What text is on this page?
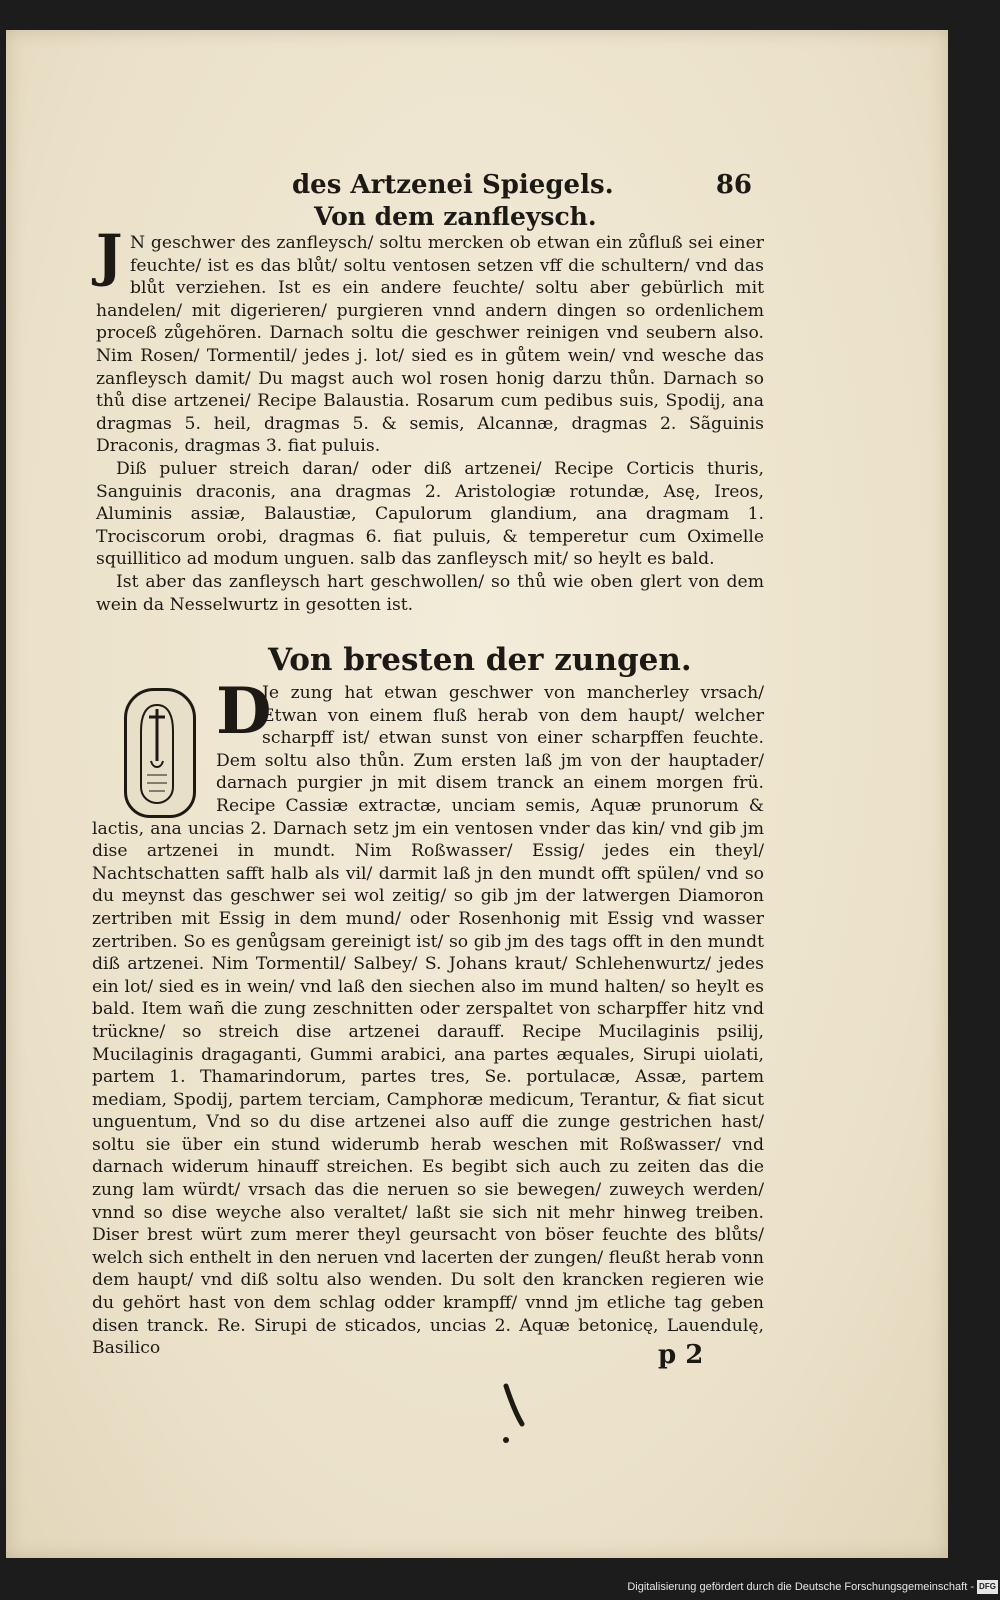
des Artzenei Spiegels.	86
Von dem zanfleysch.

J N geschwer des zanfleysch/ soltu mercken ob etwan ein zůfluß sei einer feuchte/ ist es das blůt/ soltu ventosen setzen vff die schultern/ vnd das blůt verziehen. Ist es ein andere feuchte/ soltu aber gebürlich mit handelen/ mit digerieren/ purgieren vnnd andern dingen so ordenlichem proceß zůgehören. Darnach soltu die geschwer reinigen vnd seubern also. Nim Rosen/ Tormentil/ jedes j. lot/ sied es in gůtem wein/ vnd wesche das zanfleysch damit/ Du magst auch wol rosen honig darzu thůn. Darnach so thů dise artzenei/ Recipe Balaustia. Rosarum cum pedibus suis, Spodij, ana dragmas 5. heil, dragmas 5. & semis, Alcannæ, dragmas 2. Sãguinis Draconis, dragmas 3. fiat puluis.

Diß puluer streich daran/ oder diß artzenei/ Recipe Corticis thuris, Sanguinis draconis, ana dragmas 2. Aristologiæ rotundæ, Asę, Ireos, Aluminis assiæ, Balaustiæ, Capulorum glandium, ana dragmam 1. Trociscorum orobi, dragmas 6. fiat puluis, & temperetur cum Oximelle squillitico ad modum unguen. salb das zanfleysch mit/ so heylt es bald.

Ist aber das zanfleysch hart geschwollen/ so thů wie oben glert von dem wein da Nesselwurtz in gesotten ist.

Von bresten der zungen.

D
Je zung hat etwan geschwer von mancherley vrsach/ Etwan von einem fluß herab von dem haupt/ welcher scharpff ist/ etwan sunst von einer scharpffen feuchte. Dem soltu also thůn. Zum ersten laß jm von der hauptader/ darnach purgier jn mit disem tranck an einem morgen frü. Recipe Cassiæ extractæ, unciam semis, Aquæ prunorum & lactis, ana uncias 2. Darnach setz jm ein ventosen vnder das kin/ vnd gib jm dise artzenei in mundt. Nim Roßwasser/ Essig/ jedes ein theyl/ Nachtschatten safft halb als vil/ darmit laß jn den mundt offt spülen/ vnd so du meynst das geschwer sei wol zeitig/ so gib jm der latwergen Diamoron zertriben mit Essig in dem mund/ oder Rosenhonig mit Essig vnd wasser zertriben. So es genůgsam gereinigt ist/ so gib jm des tags offt in den mundt diß artzenei. Nim Tormentil/ Salbey/ S. Johans kraut/ Schlehenwurtz/ jedes ein lot/ sied es in wein/ vnd laß den siechen also im mund halten/ so heylt es bald. Item wañ die zung zeschnitten oder zerspaltet von scharpffer hitz vnd trückne/ so streich dise artzenei darauff. Recipe Mucilaginis psilij, Mucilaginis dragaganti, Gummi arabici, ana partes æquales, Sirupi uiolati, partem 1. Thamarindorum, partes tres, Se. portulacæ, Assæ, partem mediam, Spodij, partem terciam, Camphoræ medicum, Terantur, & fiat sicut unguentum, Vnd so du dise artzenei also auff die zunge gestrichen hast/ soltu sie über ein stund widerumb herab weschen mit Roßwasser/ vnd darnach widerum hinauff streichen. Es begibt sich auch zu zeiten das die zung lam würdt/ vrsach das die neruen so sie bewegen/ zuweych werden/ vnnd so dise weyche also veraltet/ laßt sie sich nit mehr hinweg treiben. Diser brest würt zum merer theyl geursacht von böser feuchte des blůts/ welch sich enthelt in den neruen vnd lacerten der zungen/ fleußt herab vonn dem haupt/ vnd diß soltu also wenden. Du solt den krancken regieren wie du gehört hast von dem schlag odder krampff/ vnnd jm etliche tag geben disen tranck. Re. Sirupi de sticados, uncias 2. Aquæ betonicę, Lauendulę, Basilico	p 2
Digitalisierung gefördert durch die Deutsche Forschungsgemeinschaft - DFG
